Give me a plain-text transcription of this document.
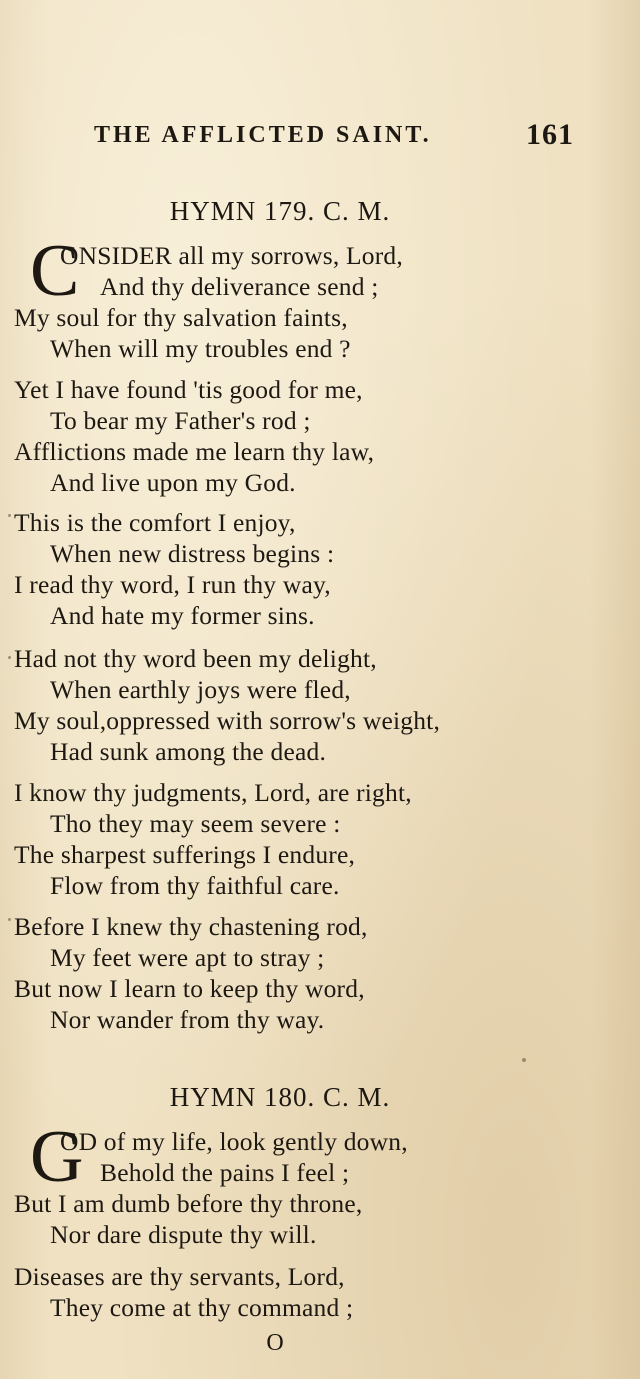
THE AFFLICTED SAINT.	161
HYMN 179. C. M.
C
ONSIDER all my sorrows, Lord,
And thy deliverance send ;
My soul for thy salvation faints,
When will my troubles end ?
Yet I have found 'tis good for me,
To bear my Father's rod ;
Afflictions made me learn thy law,
And live upon my God.
This is the comfort I enjoy,
When new distress begins :
I read thy word, I run thy way,
And hate my former sins.
Had not thy word been my delight,
When earthly joys were fled,
My soul,oppressed with sorrow's weight,
Had sunk among the dead.
I know thy judgments, Lord, are right,
Tho they may seem severe :
The sharpest sufferings I endure,
Flow from thy faithful care.
Before I knew thy chastening rod,
My feet were apt to stray ;
But now I learn to keep thy word,
Nor wander from thy way.
HYMN 180. C. M.
G
OD of my life, look gently down,
Behold the pains I feel ;
But I am dumb before thy throne,
Nor dare dispute thy will.
Diseases are thy servants, Lord,
They come at thy command ;
O
